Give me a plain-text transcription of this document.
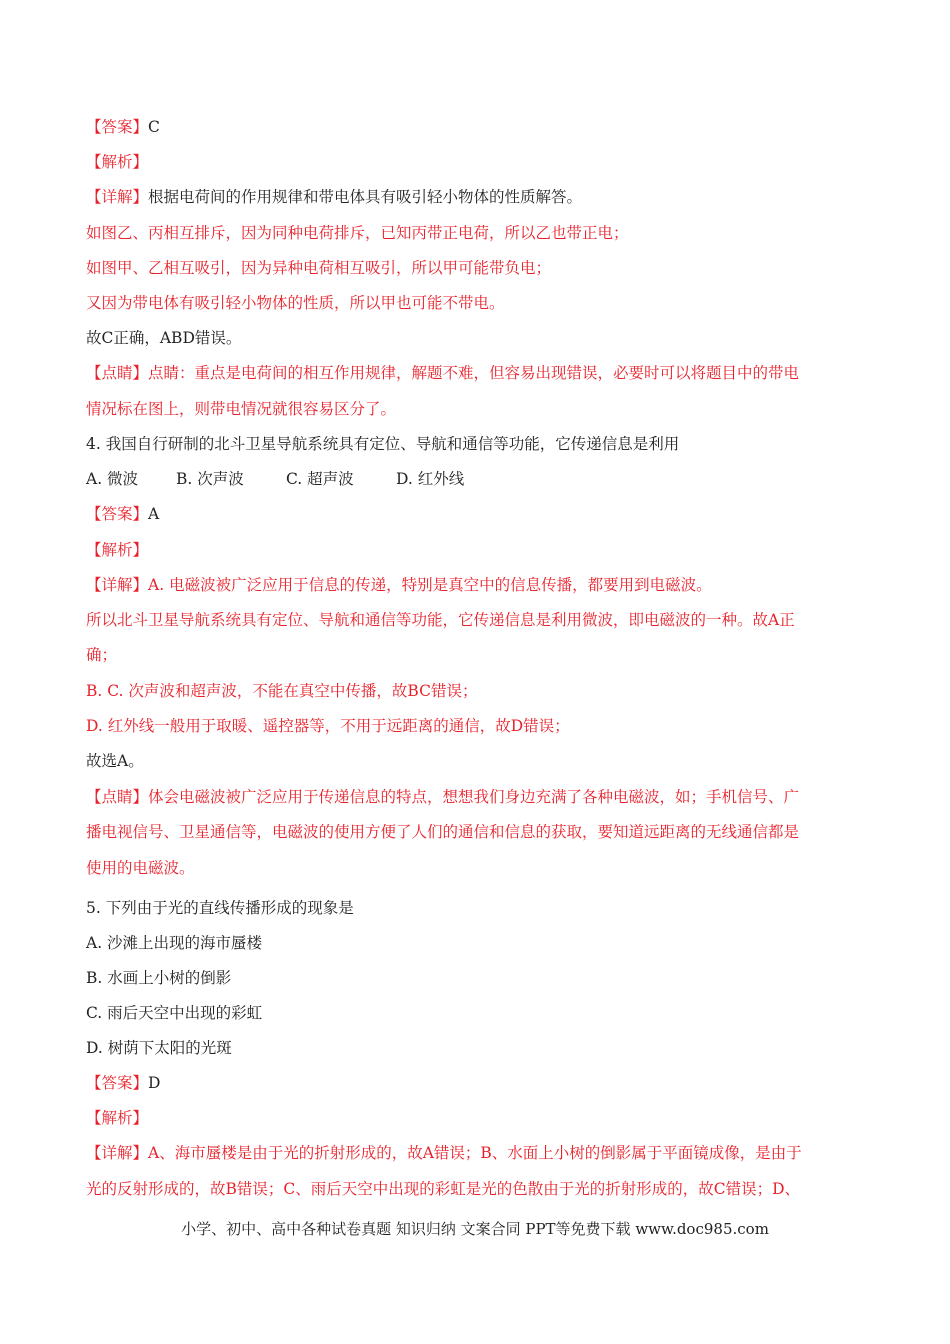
【答案】C
【解析】
【详解】根据电荷间的作用规律和带电体具有吸引轻小物体的性质解答。
如图乙、丙相互排斥，因为同种电荷排斥，已知丙带正电荷，所以乙也带正电；
如图甲、乙相互吸引，因为异种电荷相互吸引，所以甲可能带负电；
又因为带电体有吸引轻小物体的性质，所以甲也可能不带电。
故C正确，ABD错误。
【点睛】点睛：重点是电荷间的相互作用规律，解题不难，但容易出现错误，必要时可以将题目中的带电
情况标在图上，则带电情况就很容易区分了。
4. 我国自行研制的北斗卫星导航系统具有定位、导航和通信等功能，它传递信息是利用
A. 微波 B. 次声波	C. 超声波	D. 红外线
【答案】A
【解析】
【详解】A. 电磁波被广泛应用于信息的传递，特别是真空中的信息传播，都要用到电磁波。
所以北斗卫星导航系统具有定位、导航和通信等功能，它传递信息是利用微波，即电磁波的一种。故A正
确；
B. C. 次声波和超声波，不能在真空中传播，故BC错误；
D. 红外线一般用于取暖、遥控器等，不用于远距离的通信，故D错误；
故选A。
【点睛】体会电磁波被广泛应用于传递信息的特点，想想我们身边充满了各种电磁波，如；手机信号、广
播电视信号、卫星通信等，电磁波的使用方便了人们的通信和信息的获取，要知道远距离的无线通信都是
使用的电磁波。
5. 下列由于光的直线传播形成的现象是
A. 沙滩上出现的海市蜃楼
B. 水画上小树的倒影
C. 雨后天空中出现的彩虹
D. 树荫下太阳的光斑
【答案】D
【解析】
【详解】A、海市蜃楼是由于光的折射形成的，故A错误；B、水面上小树的倒影属于平面镜成像，是由于
光的反射形成的，故B错误；C、雨后天空中出现的彩虹是光的色散由于光的折射形成的，故C错误；D、
小学、初中、高中各种试卷真题 知识归纳 文案合同 PPT等免费下载 www.doc985.com
